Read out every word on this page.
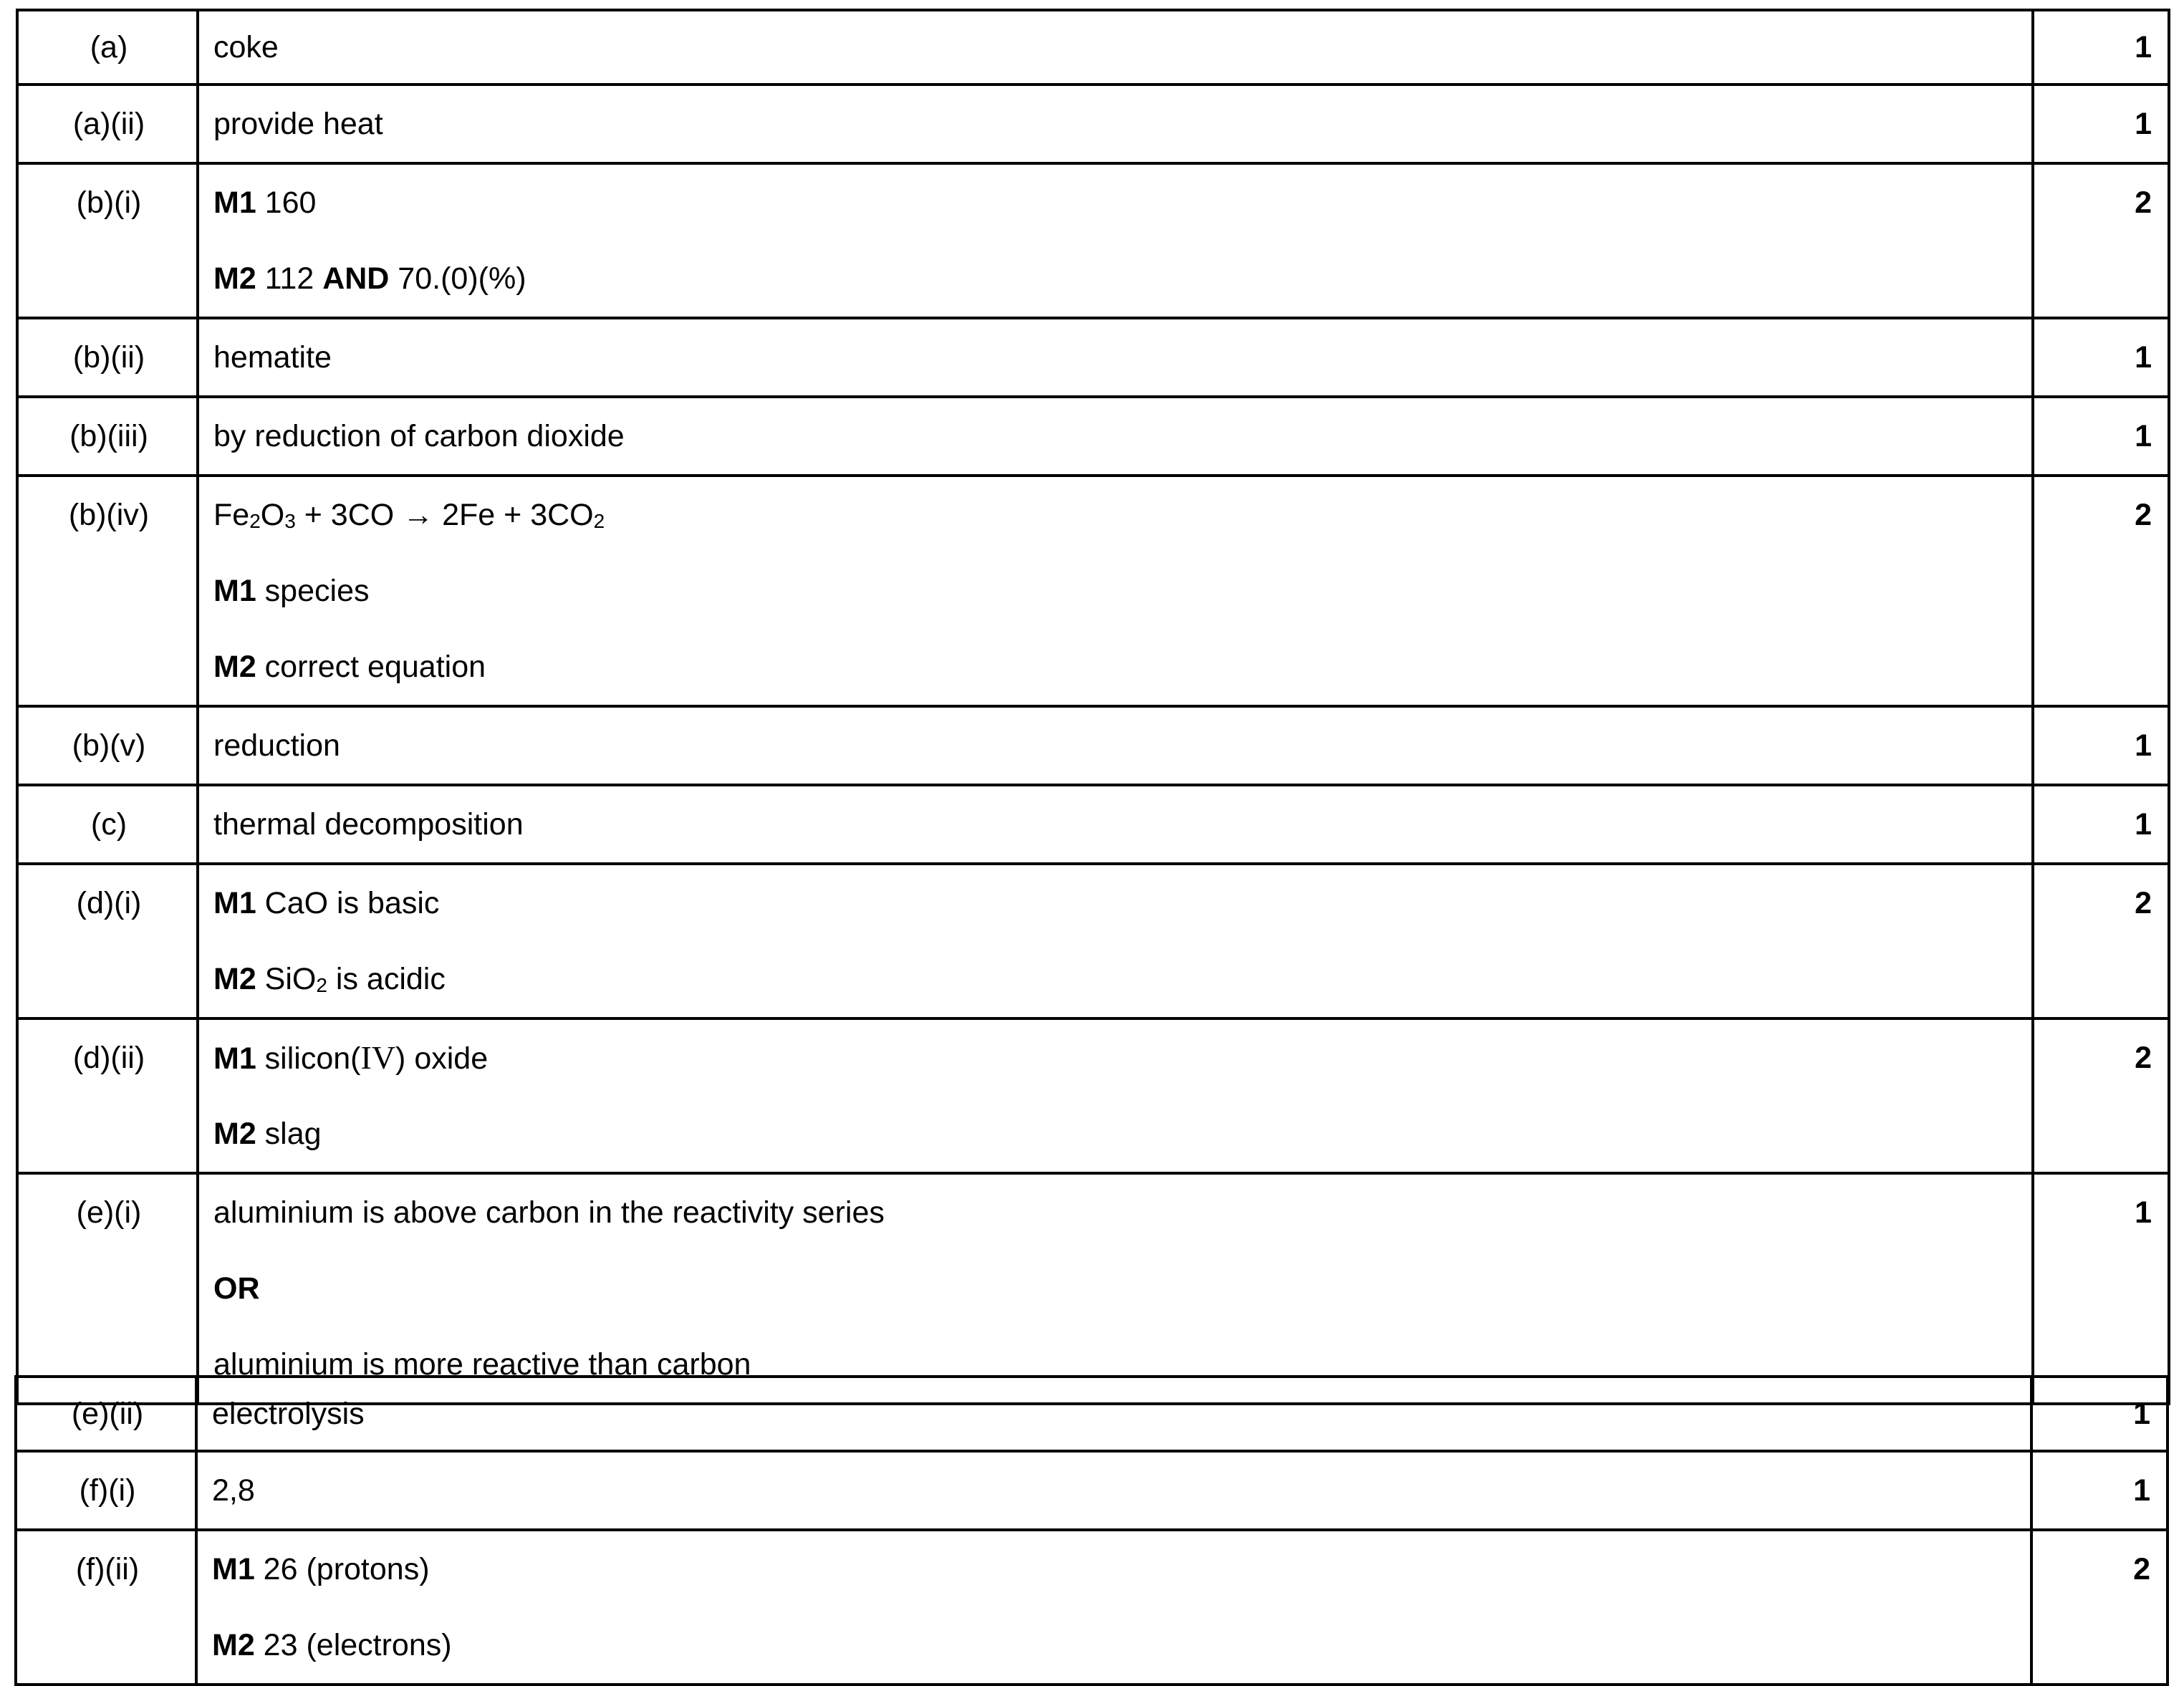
(a)	coke	1

(a)(ii)	provide heat	1

(b)(i)	M1 160
M2 112 AND 70.(0)(%)	2

(b)(ii)	hematite	1

(b)(iii)	by reduction of carbon dioxide	1

(b)(iv)	Fe2O3 + 3CO → 2Fe + 3CO2
M1 species
M2 correct equation	2

(b)(v)	reduction	1

(c)	thermal decomposition	1

(d)(i)	M1 CaO is basic
M2 SiO2 is acidic	2

(d)(ii)	M1 silicon(IV) oxide
M2 slag	2

(e)(i)	aluminium is above carbon in the reactivity series
OR
aluminium is more reactive than carbon	1
(e)(ii)	electrolysis	1

(f)(i)	2,8	1

(f)(ii)	M1 26 (protons)
M2 23 (electrons)	2
